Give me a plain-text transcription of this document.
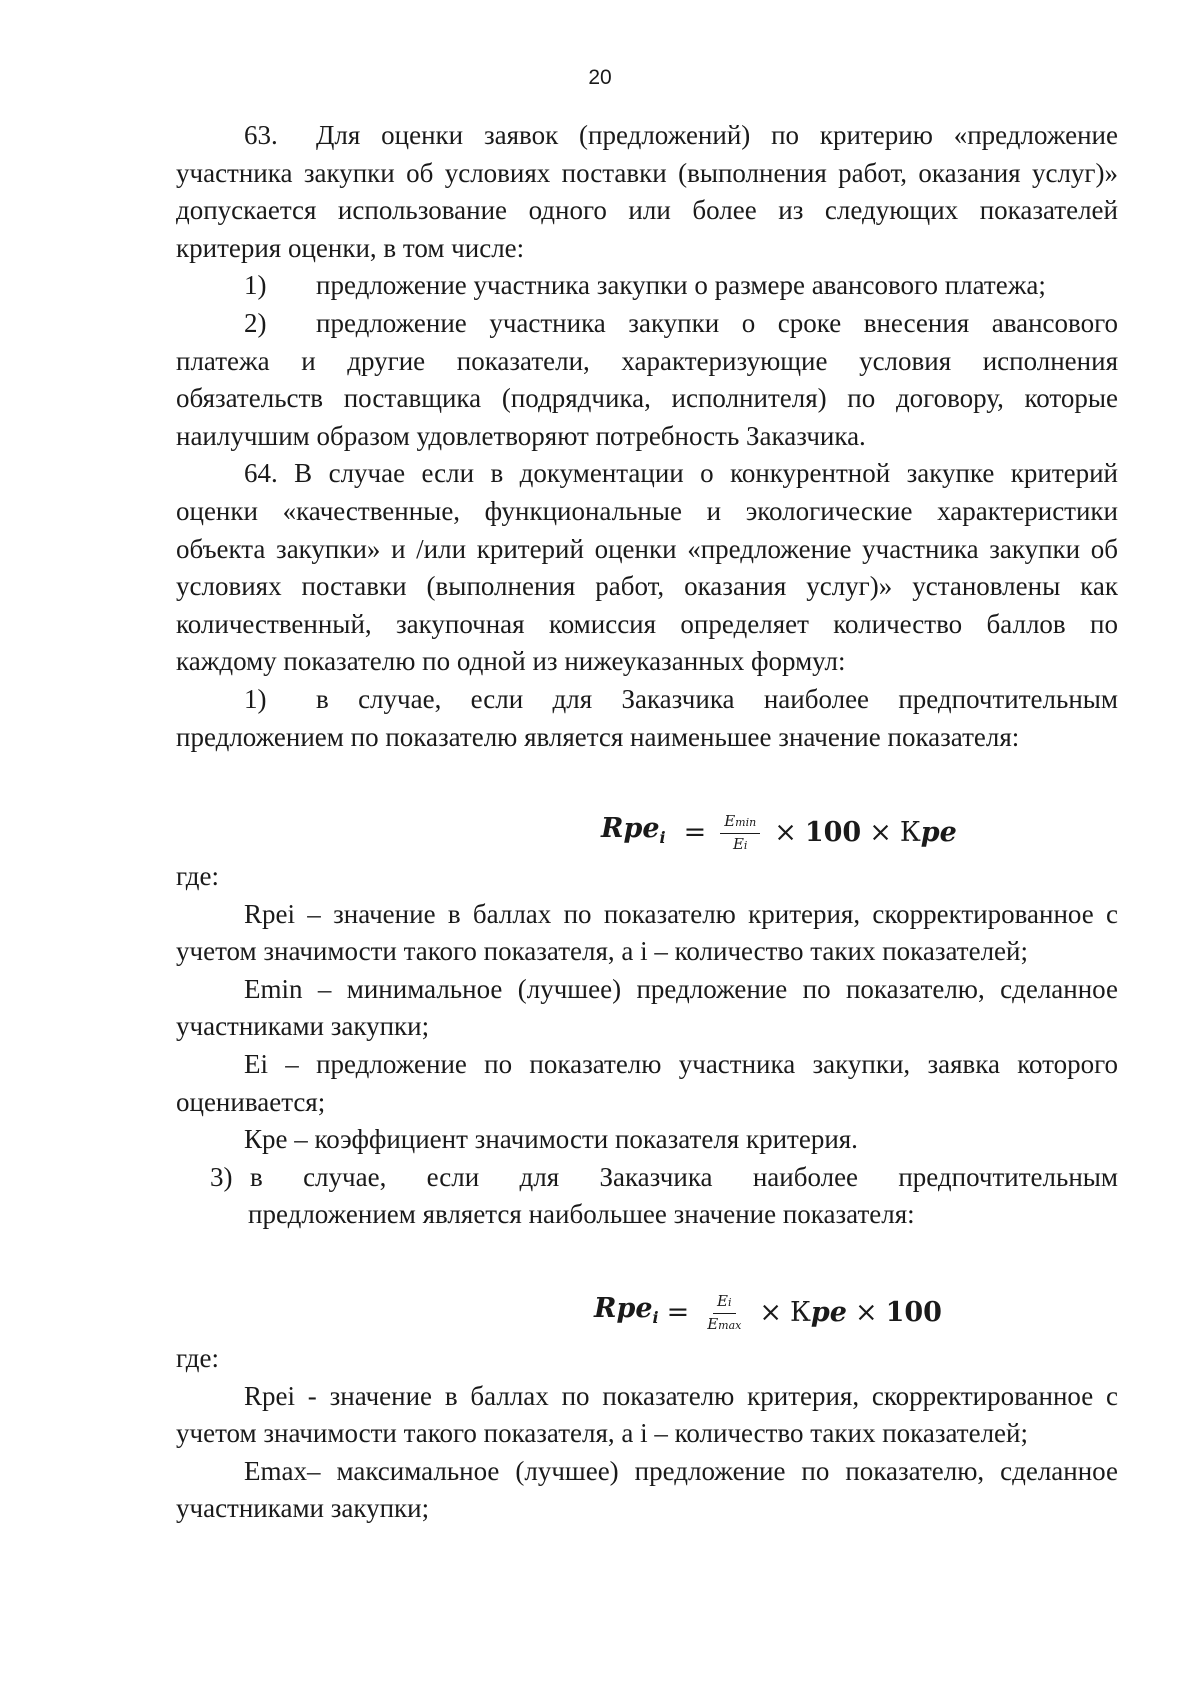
20

63. Для оценки заявок (предложений) по критерию «предложение участника закупки об условиях поставки (выполнения работ, оказания услуг)» допускается использование одного или более из следующих показателей критерия оценки, в том числе:

1) предложение участника закупки о размере авансового платежа;

2) предложение участника закупки о сроке внесения авансового платежа и другие показатели, характеризующие условия исполнения обязательств поставщика (подрядчика, исполнителя) по договору, которые наилучшим образом удовлетворяют потребность Заказчика.

64. В случае если в документации о конкурентной закупке критерий оценки «качественные, функциональные и экологические характеристики объекта закупки» и /или критерий оценки «предложение участника закупки об условиях поставки (выполнения работ, оказания услуг)» установлены как количественный, закупочная комиссия определяет количество баллов по каждому показателю по одной из нижеуказанных формул:

1) в случае, если для Заказчика наиболее предпочтительным предложением по показателю является наименьшее значение показателя:

$Rpe_i = \frac{Emin}{Ei} \times 100$ × Кpe

где:

Rpei – значение в баллах по показателю критерия, скорректированное с учетом значимости такого показателя, а i – количество таких показателей;

Emin – минимальное (лучшее) предложение по показателю, сделанное участниками закупки;

Ei – предложение по показателю участника закупки, заявка которого оценивается;

Кре – коэффициент значимости показателя критерия.

3) в случае, если для Заказчика наиболее предпочтительным

предложением является наибольшее значение показателя:

$Rpe_i = \frac{Ei}{Emax}$ × Кpe × 100

где:

Rpei - значение в баллах по показателю критерия, скорректированное с учетом значимости такого показателя, а i – количество таких показателей;

Emax– максимальное (лучшее) предложение по показателю, сделанное участниками закупки;
